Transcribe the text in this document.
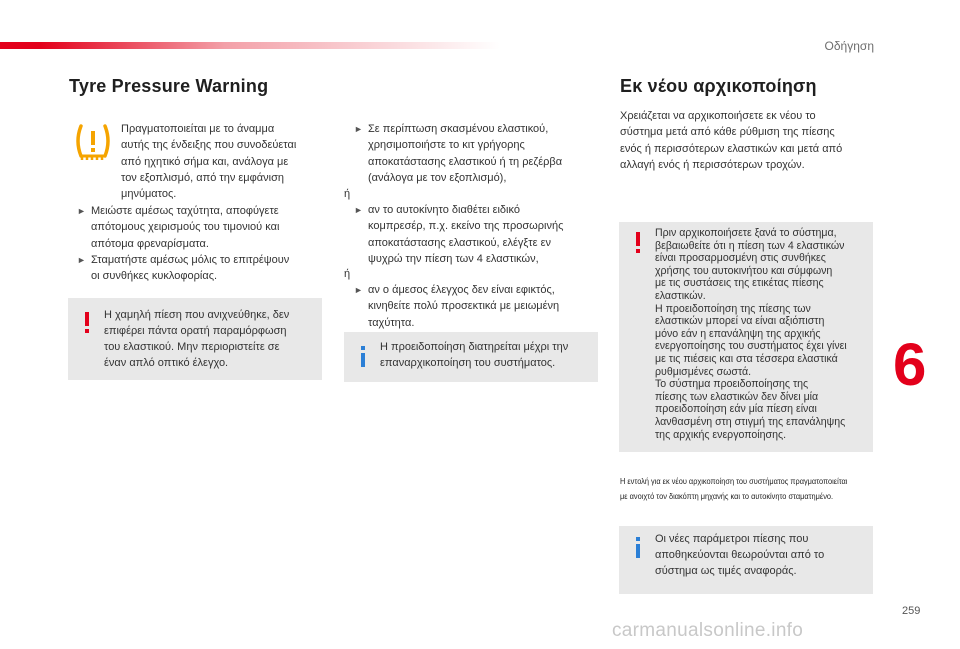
Οδήγηση
Tyre Pressure Warning
Πραγματοποιείται με το άναμμα
αυτής της ένδειξης που συνοδεύεται
από ηχητικό σήμα και, ανάλογα με
τον εξοπλισμό, από την εμφάνιση
μηνύματος.
► Μειώστε αμέσως ταχύτητα, αποφύγετε
απότομους χειρισμούς του τιμονιού και
απότομα φρεναρίσματα.
► Σταματήστε αμέσως μόλις το επιτρέψουν
οι συνθήκες κυκλοφορίας.
Η χαμηλή πίεση που ανιχνεύθηκε, δεν
επιφέρει πάντα ορατή παραμόρφωση
του ελαστικού. Μην περιοριστείτε σε
έναν απλό οπτικό έλεγχο.
► Σε περίπτωση σκασμένου ελαστικού,
χρησιμοποιήστε το κιτ γρήγορης
αποκατάστασης ελαστικού ή τη ρεζέρβα
(ανάλογα με τον εξοπλισμό),
ή
► αν το αυτοκίνητο διαθέτει ειδικό
κομπρεσέρ, π.χ. εκείνο της προσωρινής
αποκατάστασης ελαστικού, ελέγξτε εν
ψυχρώ την πίεση των 4 ελαστικών,
ή
► αν ο άμεσος έλεγχος δεν είναι εφικτός,
κινηθείτε πολύ προσεκτικά με μειωμένη
ταχύτητα.
Η προειδοποίηση διατηρείται μέχρι την
επαναρχικοποίηση του συστήματος.
Εκ νέου αρχικοποίηση
Χρειάζεται να αρχικοποιήσετε εκ νέου το
σύστημα μετά από κάθε ρύθμιση της πίεσης
ενός ή περισσότερων ελαστικών και μετά από
αλλαγή ενός ή περισσότερων τροχών.
Πριν αρχικοποιήσετε ξανά το σύστημα,
βεβαιωθείτε ότι η πίεση των 4 ελαστικών
είναι προσαρμοσμένη στις συνθήκες
χρήσης του αυτοκινήτου και σύμφωνη
με τις συστάσεις της ετικέτας πίεσης
ελαστικών.
Η προειδοποίηση της πίεσης των
ελαστικών μπορεί να είναι αξιόπιστη
μόνο εάν η επανάληψη της αρχικής
ενεργοποίησης του συστήματος έχει γίνει
με τις πιέσεις και στα τέσσερα ελαστικά
ρυθμισμένες σωστά.
Το σύστημα προειδοποίησης της
πίεσης των ελαστικών δεν δίνει μία
προειδοποίηση εάν μία πίεση είναι
λανθασμένη στη στιγμή της επανάληψης
της αρχικής ενεργοποίησης.
Η εντολή για εκ νέου αρχικοποίηση του συστήματος πραγματοποιείται
με ανοιχτό τον διακόπτη μηχανής και το αυτοκίνητο σταματημένο.
Οι νέες παράμετροι πίεσης που
αποθηκεύονται θεωρούνται από το
σύστημα ως τιμές αναφοράς.
6
259
carmanualsonline.info
